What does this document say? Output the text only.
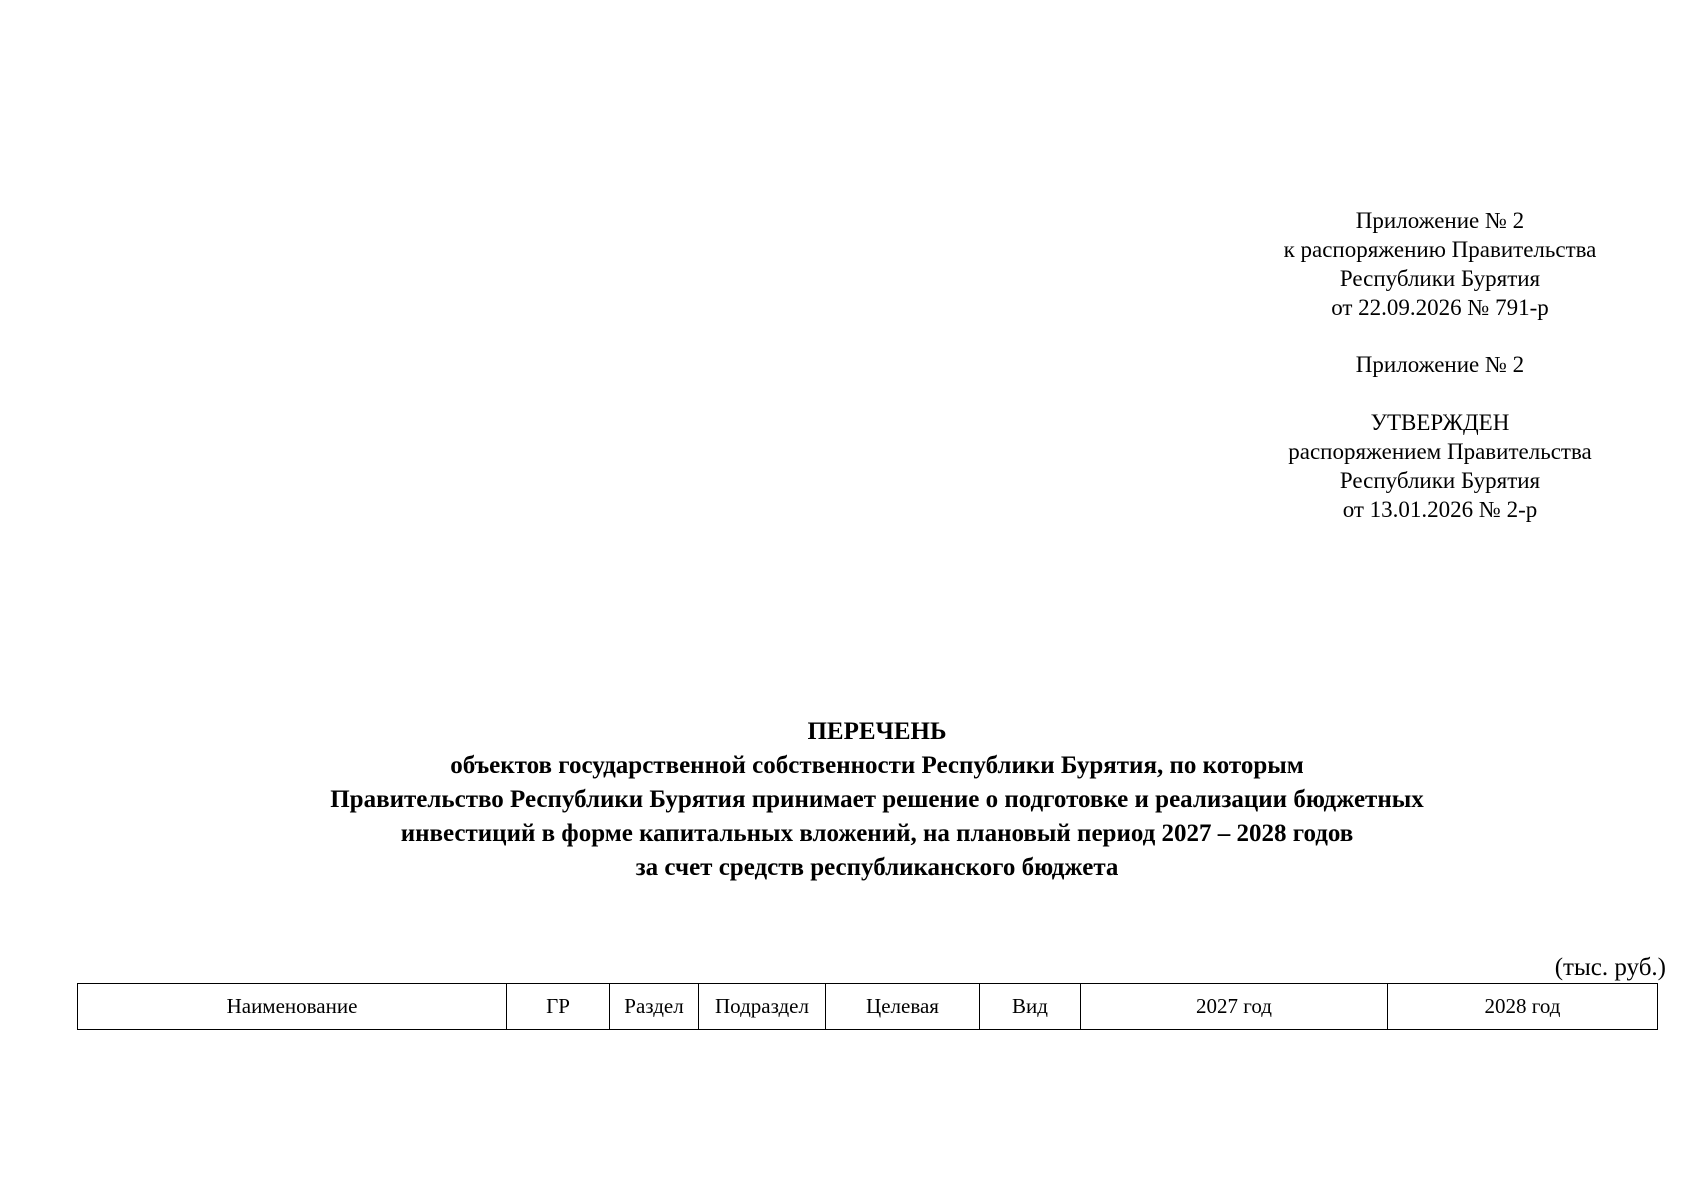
Приложение № 2
к распоряжению Правительства
Республики Бурятия
от 22.09.2026 № 791-р
Приложение № 2
УТВЕРЖДЕН
распоряжением Правительства
Республики Бурятия
от 13.01.2026 № 2-р
ПЕРЕЧЕНЬ
объектов государственной собственности Республики Бурятия, по которым
Правительство Республики Бурятия принимает решение о подготовке и реализации бюджетных
инвестиций в форме капитальных вложений, на плановый период 2027 – 2028 годов
за счет средств республиканского бюджета
(тыс. руб.)
Наименование	ГР	Раздел	Подраздел	Целевая	Вид	2027 год	2028 год
